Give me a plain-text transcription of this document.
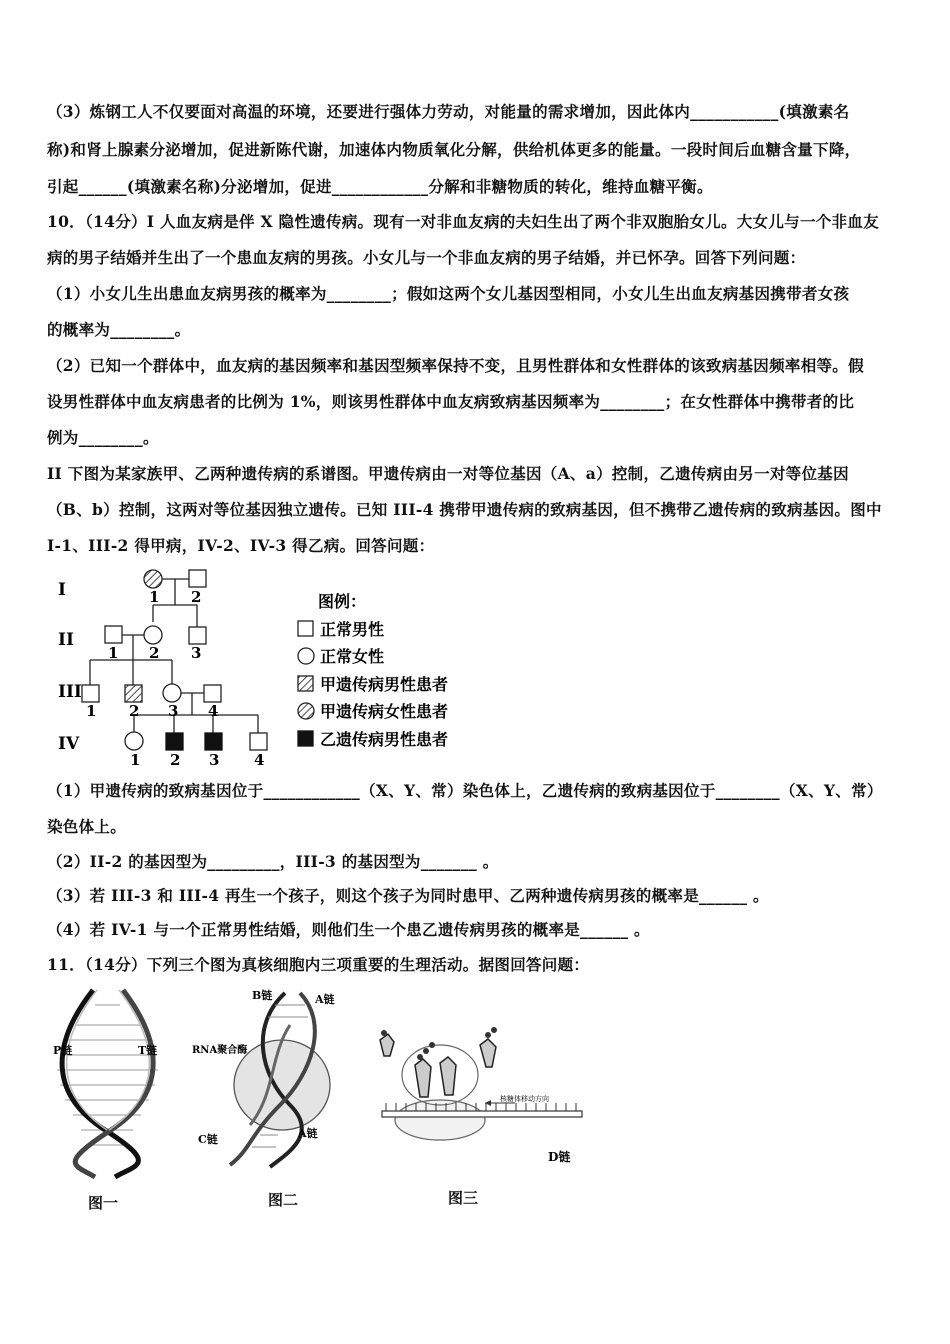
（3）炼钢工人不仅要面对高温的环境，还要进行强体力劳动，对能量的需求增加，因此体内___________(填激素名
称)和肾上腺素分泌增加，促进新陈代谢，加速体内物质氧化分解，供给机体更多的能量。一段时间后血糖含量下降，
引起______(填激素名称)分泌增加，促进____________分解和非糖物质的转化，维持血糖平衡。
10．（14分）I 人血友病是伴 X 隐性遗传病。现有一对非血友病的夫妇生出了两个非双胞胎女儿。大女儿与一个非血友
病的男子结婚并生出了一个患血友病的男孩。小女儿与一个非血友病的男子结婚，并已怀孕。回答下列问题：
（1）小女儿生出患血友病男孩的概率为________；假如这两个女儿基因型相同，小女儿生出血友病基因携带者女孩
的概率为________。
（2）已知一个群体中，血友病的基因频率和基因型频率保持不变，且男性群体和女性群体的该致病基因频率相等。假
设男性群体中血友病患者的比例为 1%，则该男性群体中血友病致病基因频率为________；在女性群体中携带者的比
例为________。
II 下图为某家族甲、乙两种遗传病的系谱图。甲遗传病由一对等位基因（A、a）控制，乙遗传病由另一对等位基因
（B、b）控制，这两对等位基因独立遗传。已知 III-4 携带甲遗传病的致病基因，但不携带乙遗传病的致病基因。图中
I-1、III-2 得甲病，IV-2、IV-3 得乙病。回答问题：
I
II
III
IV
1 2
1 2 3
1 2 3 4
1 2 3 4
图例：
正常男性
正常女性
甲遗传病男性患者
甲遗传病女性患者
乙遗传病男性患者
（1）甲遗传病的致病基因位于____________（X、Y、常）染色体上，乙遗传病的致病基因位于________（X、Y、常）
染色体上。
（2）II-2 的基因型为_________，III-3 的基因型为_______ 。
（3）若 III-3 和 III-4 再生一个孩子，则这个孩子为同时患甲、乙两种遗传病男孩的概率是______ 。
（4）若 IV-1 与一个正常男性结婚，则他们生一个患乙遗传病男孩的概率是______ 。
11．（14分）下列三个图为真核细胞内三项重要的生理活动。据图回答问题：
P链	T链
B链	A链
RNA聚合酶
C链	A链
核糖体移动方向
D链
图一	图二	图三
